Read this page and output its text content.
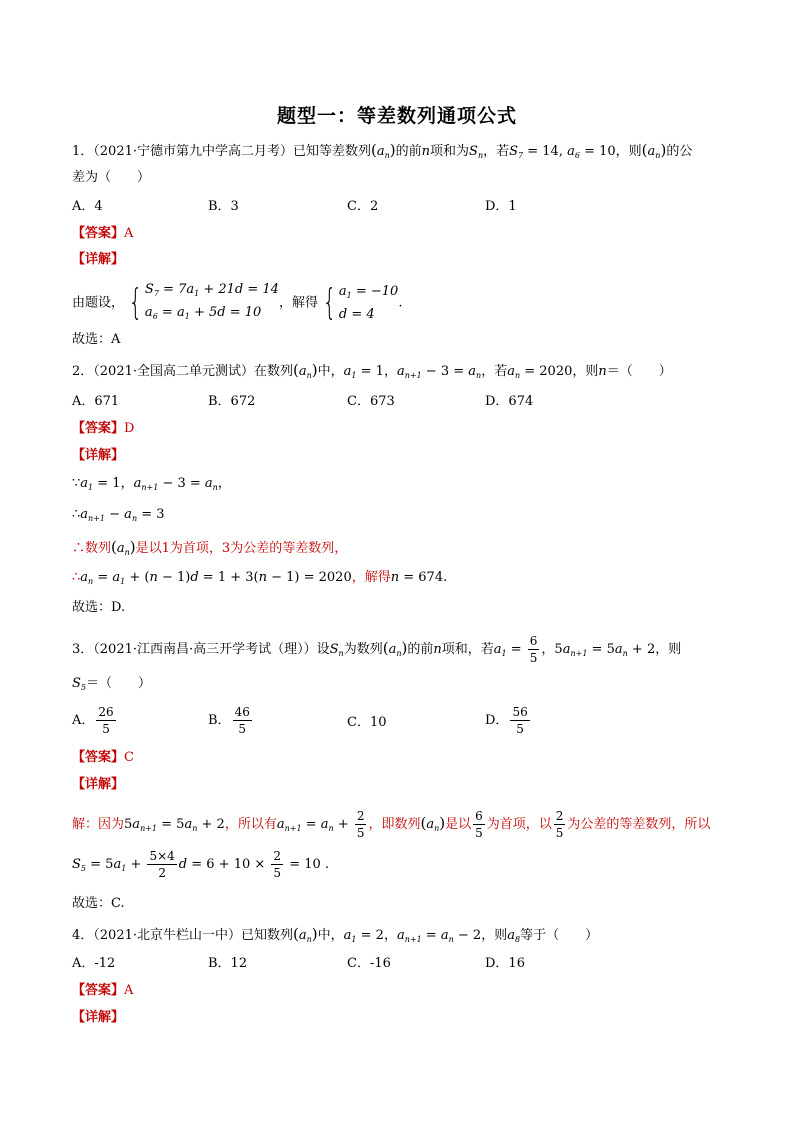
题型一：等差数列通项公式
1．（2021·宁德市第九中学高二月考）已知等差数列$(a_n)$的前n项和为$S_n$，若$S_7 = 14$, $a_6 = 10$，则$(a_n)$的公
差为（　　）
A．4	B．3	C．2	D．1
【答案】A
【详解】
由题设， { $S_7 = 7a_1 + 21d = 14$
$a_6 = a_1 + 5d = 10$，解得 { $a_1 = -10$
d = 4.
故选：A
2．（2021·全国高二单元测试）在数列$(a_n)$中，$a_1 = 1$，$a_{n+1} - 3 = a_n$，若$a_n = 2020$，则n＝（　　）
A．671	B．672	C．673	D．674
【答案】D
【详解】
$\because a_1 = 1$，$a_{n+1} - 3 = a_n$，
$\therefore a_{n+1} - a_n = 3$
∴数列$(a_n)$是以1为首项，3为公差的等差数列，
$\therefore a_n = a_1 + (n - 1)d = 1 + 3(n - 1) = 2020$，解得n = 674.
故选：D.
3．（2021·江西南昌·高三开学考试（理））设$S_n$为数列$(a_n)$的前n项和，若$a_1 = \frac{6}{5}$ ，$5a_{n+1} = 5a_n + 2$，则
$S_5=$（　　）
A． $\frac{26}{5}$	B． $\frac{46}{5}$	C．10	D． $\frac{56}{5}$
【答案】C
【详解】
解：因为$5a_{n+1} = 5a_n + 2$，所以有$a_{n+1} = a_n + \frac{2}{5}$ ，即数列$(a_n)$是以 $\frac{6}{5}$ 为首项，以 $\frac{2}{5}$ 为公差的等差数列，所以
$S_5 = 5a_1 + \frac{5\times 4}{2}$ $d = 6 + 10 \times \frac{2}{5} = 10$ .
故选：C.
4．（2021·北京牛栏山一中）已知数列$(a_n)$中，$a_1 = 2$，$a_{n+1} = a_n - 2$，则$a_8$等于（　　）
A．-12	B．12	C．-16	D．16
【答案】A
【详解】
